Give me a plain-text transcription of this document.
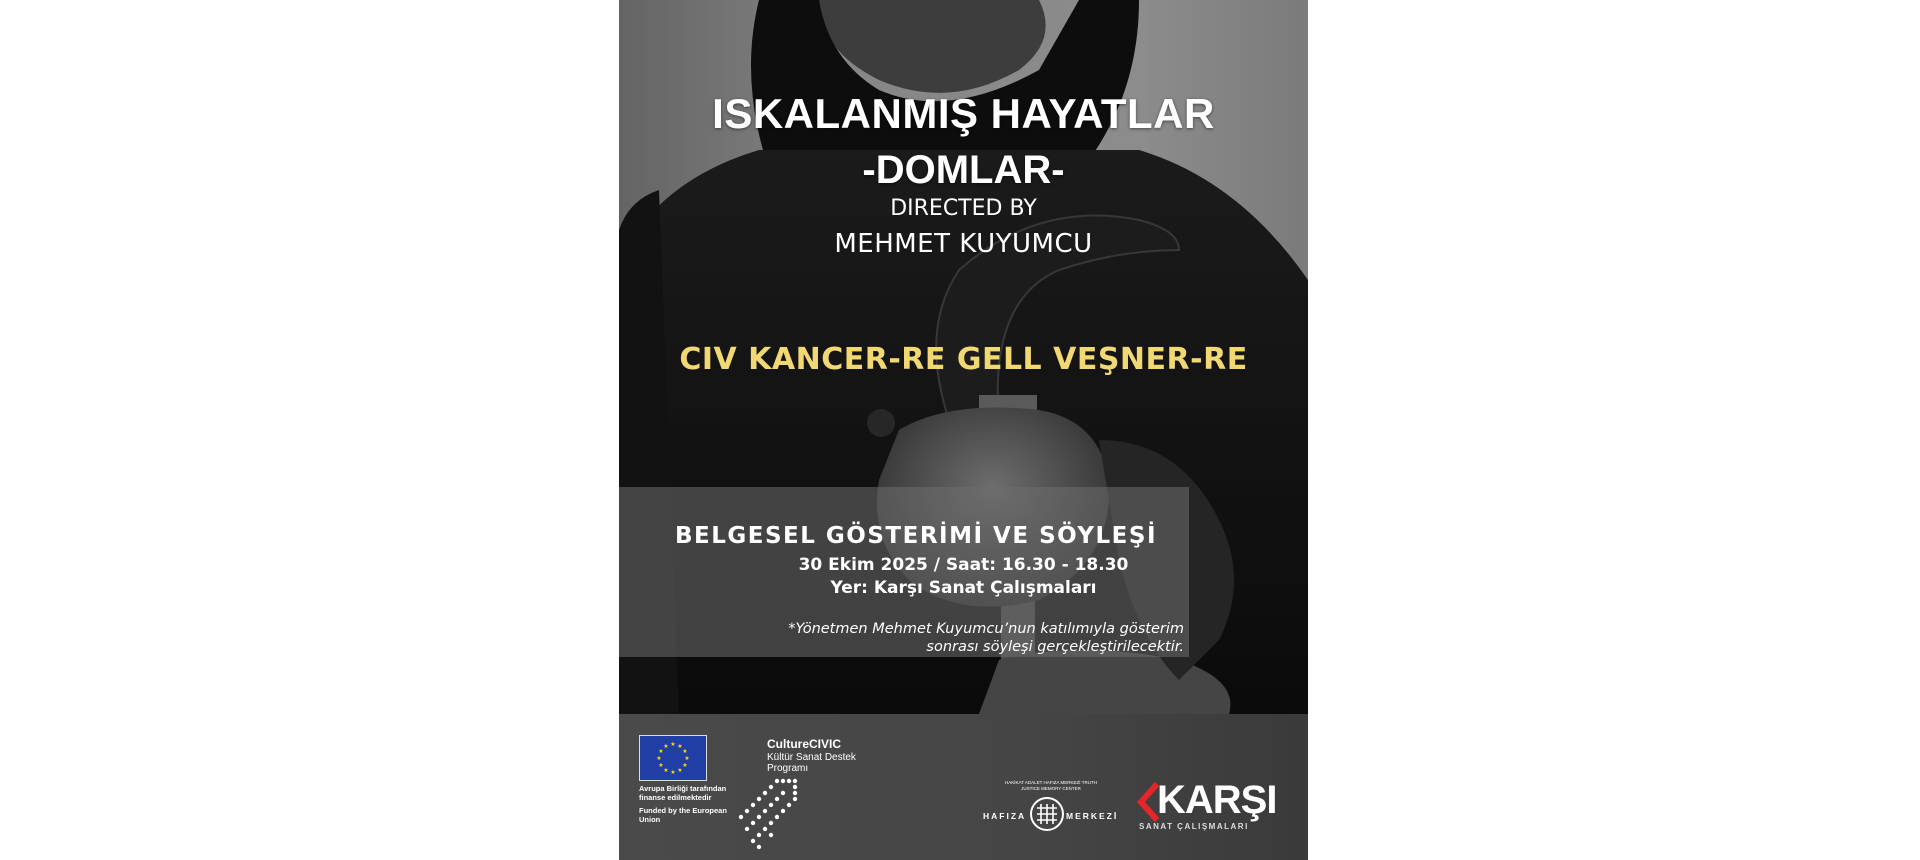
ISKALANMIŞ HAYATLAR
-DOMLAR-
DIRECTED BY
MEHMET KUYUMCU
CIV KANCER-RE GELL VEŞNER-RE
BELGESEL GÖSTERİMİ VE SÖYLEŞİ
30 Ekim 2025 / Saat: 16.30 - 18.30
Yer: Karşı Sanat Çalışmaları
*Yönetmen Mehmet Kuyumcu’nun katılımıyla gösterim
sonrası söyleşi gerçekleştirilecektir.
★ ★
★
★
★
★
★
★
★
★
★
★
Avrupa Birliği tarafından finanse edilmektedir
Funded by the European Union
CultureCIVIC
Kültür Sanat Destek Programı
HAKİKAT ADALET HAFIZA MERKEZİ TRUTH JUSTICE MEMORY CENTER
HAFIZA	MERKEZİ KARŞI
SANAT ÇALIŞMALARI
